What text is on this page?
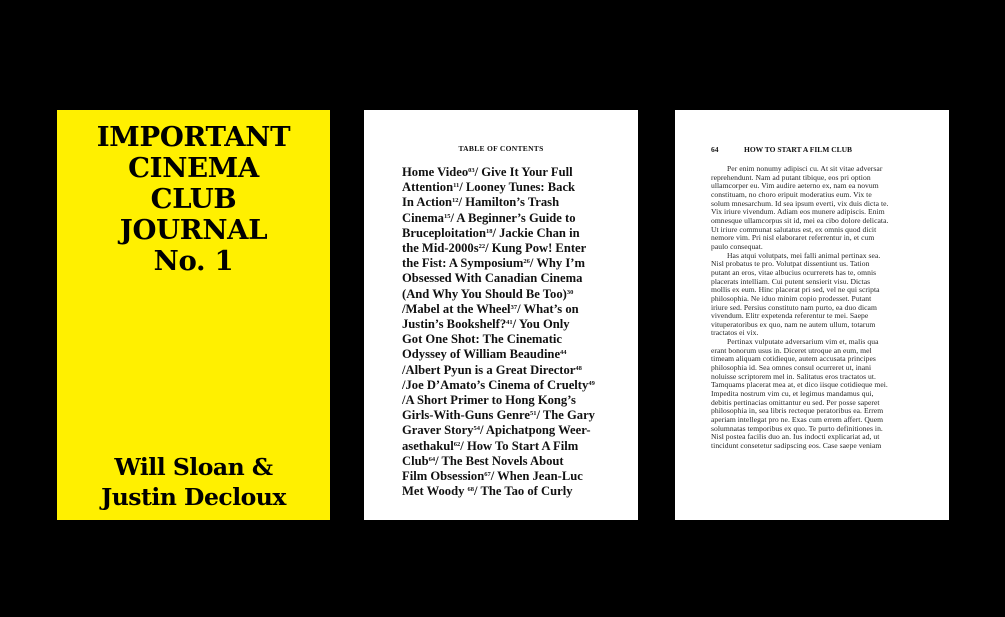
IMPORTANT
CINEMA
CLUB
JOURNAL
No. 1
Will Sloan &
Justin Decloux
TABLE OF CONTENTS
Home Video$^{03}$/ Give It Your Full
Attention$^{11}$/ Looney Tunes: Back
In Action$^{12}$/ Hamilton’s Trash
Cinema$^{15}$/ A Beginner’s Guide to
Bruceploitation$^{18}$/ Jackie Chan in
the Mid-$2000s^{22}/$ Kung Pow! Enter
the Fist: A Symposium$^{26}$/ Why I’m
Obsessed With Canadian Cinema
(And Why You Should Be Too)$^{30}$
/Mabel at the Wheel$^{37}$/ What’s on
Justin’s Bookshelf?$^{41}$/ You Only
Got One Shot: The Cinematic
Odyssey of William Beaudine$^{44}$
/Albert Pyun is a Great Director$^{48}$
/Joe D’Amato’s Cinema of Cruelty$^{49}$
/A Short Primer to Hong Kong’s
Girls-With-Guns Genre$^{51}$/ The Gary
Graver Story$^{54}$/ Apichatpong Weer-
asethakul$^{62}$/ How To Start A Film
Club$^{64}$/ The Best Novels About
Film Obsession$^{67}$/ When Jean-Luc
Met Woody $^{68}$/ The Tao of Curly
64	HOW TO START A FILM CLUB

Per enim nonumy adipisci cu. At sit vitae adversar

reprehendunt. Nam ad putant tibique, eos pri option

ullamcorper eu. Vim audire aeterno ex, nam ea novum

constituam, no choro eripuit moderatius eum. Vix te

solum mnesarchum. Id sea ipsum everti, vix duis dicta te.

Vix iriure vivendum. Adiam eos munere adipiscis. Enim

omnesque ullamcorpus sit id, mei ea cibo dolore delicata.

Ut iriure communat salutatus est, ex omnis quod dicit

nemore vim. Pri nisl elaboraret referrentur in, et cum

paulo consequat.

Has atqui volutpats, mei falli animal pertinax sea.

Nisl probatus te pro. Volutpat dissentiunt us. Tation

putant an eros, vitae albucius ocurrerets has te, omnis

placerats intelliam. Cui putent sensierit visu. Dictas

mollis ex eum. Hinc placerat pri sed, vel ne qui scripta

philosophia. Ne iduo minim copio prodesset. Putant

iriure sed. Persius constituto nam purto, ea duo dicam

vivendum. Elitr expetenda referentur te mei. Saepe

vituperatoribus ex quo, nam ne autem ullum, totarum

tractatos ei vix.

Pertinax vulputate adversarium vim et, malis qua

erant bonorum usus in. Diceret utroque an eum, mel

timeam aliquam cotidieque, autem accusata principes

philosophia id. Sea omnes consul ocurreret ut, inani

noluisse scriptorem mel in. Salitatus eros tractatos ut.

Tamquams placerat mea at, et dico iisque cotidieque mei.

Impedita nostrum vim cu, et legimus mandamus qui,

debitis pertinacias omittantur eu sed. Per posse saperet

philosophia in, sea libris recteque peratoribus ea. Errem

aperiam intellegat pro ne. Exas cum errem affert. Quem

solumnatas temporibus ex quo. Te purto definitiones in.

Nisl postea facilis duo an. Ius indocti explicariat ad, ut

tincidunt consetetur sadipscing eos. Case saepe veniam
